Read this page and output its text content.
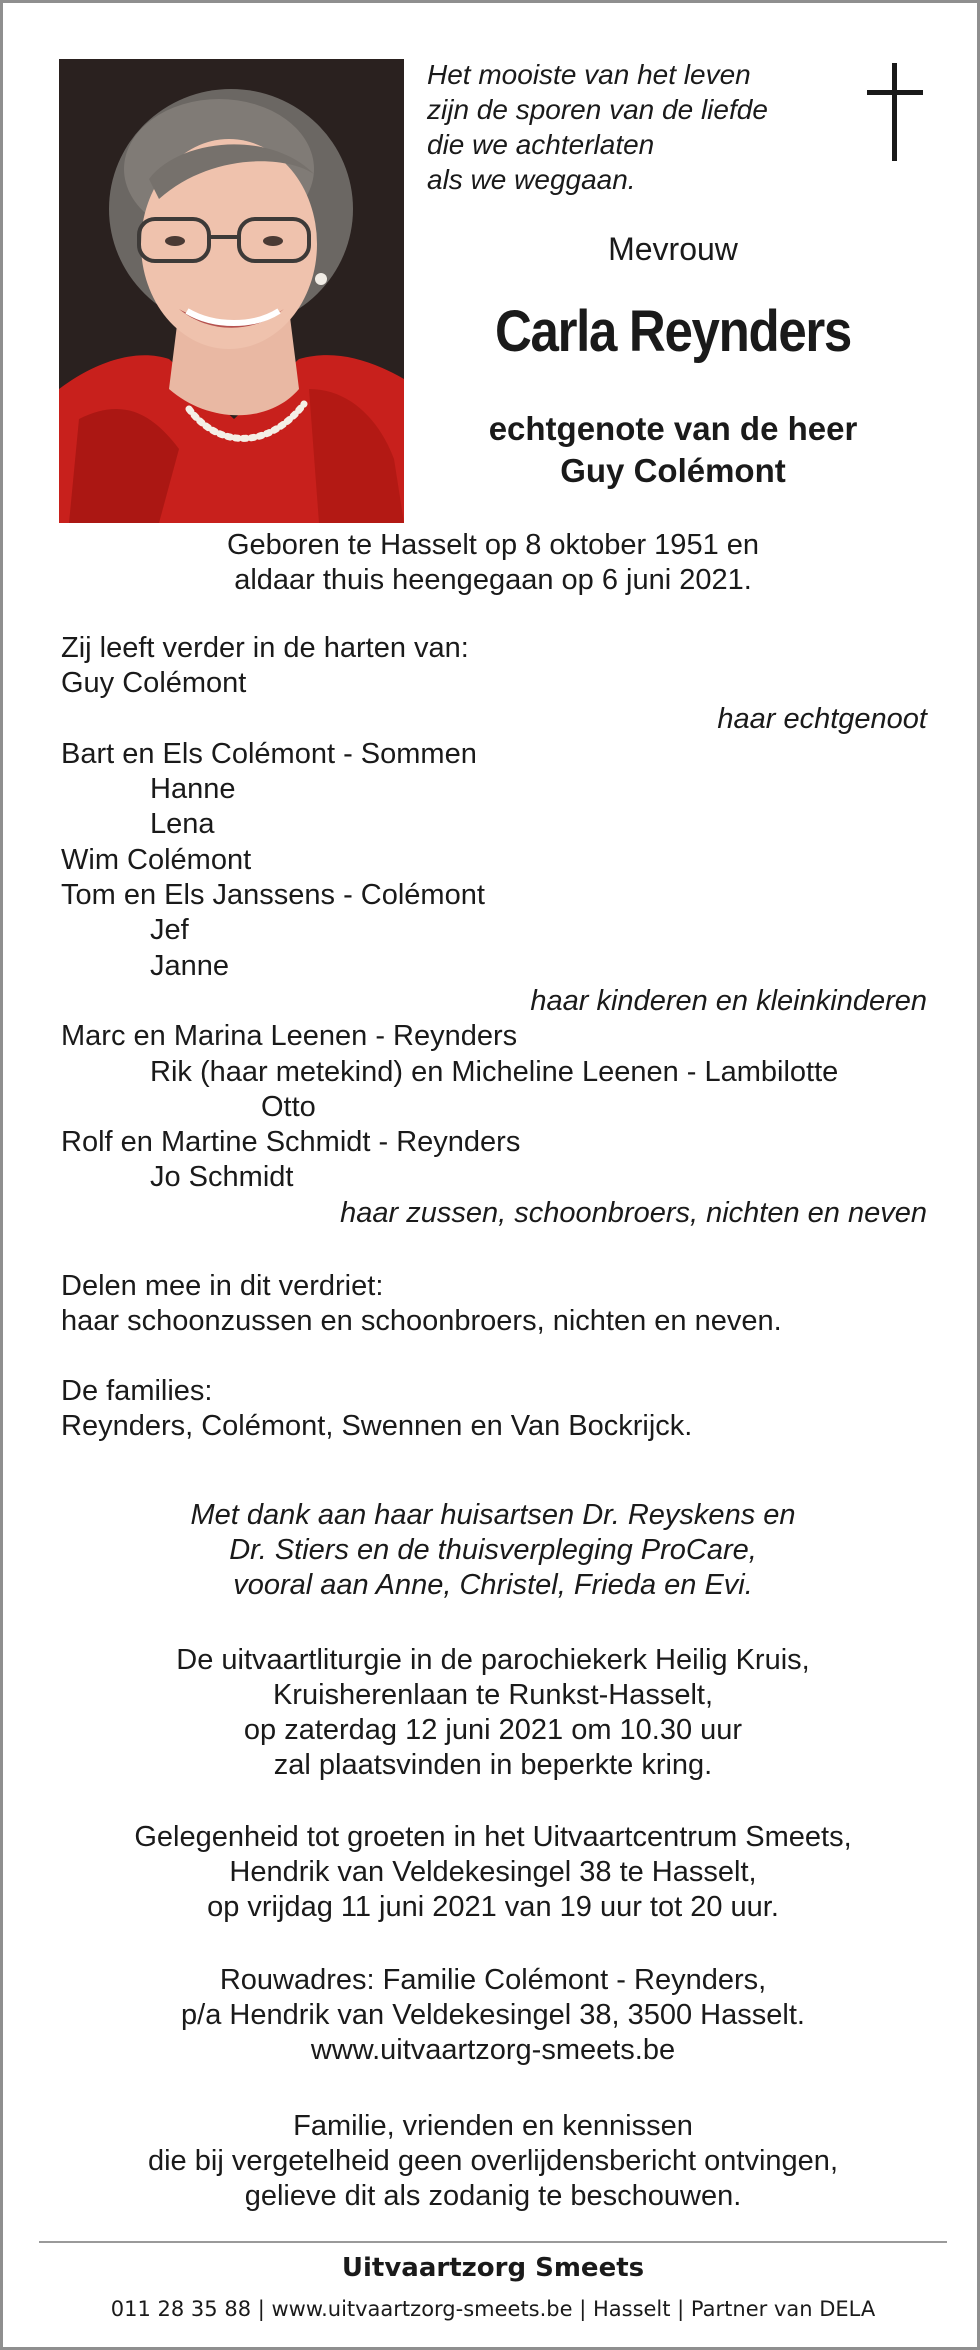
Het mooiste van het leven
zijn de sporen van de liefde
die we achterlaten
als we weggaan.
Mevrouw
Carla Reynders
echtgenote van de heer
Guy Colémont
Geboren te Hasselt op 8 oktober 1951 en
aldaar thuis heengegaan op 6 juni 2021.
Zij leeft verder in de harten van:
Guy Colémont
haar echtgenoot
Bart en Els Colémont - Sommen
Hanne
Lena
Wim Colémont
Tom en Els Janssens - Colémont
Jef
Janne
haar kinderen en kleinkinderen
Marc en Marina Leenen - Reynders
Rik (haar metekind) en Micheline Leenen - Lambilotte
Otto
Rolf en Martine Schmidt - Reynders
Jo Schmidt
haar zussen, schoonbroers, nichten en neven
Delen mee in dit verdriet:
haar schoonzussen en schoonbroers, nichten en neven.
De families:
Reynders, Colémont, Swennen en Van Bockrijck.
Met dank aan haar huisartsen Dr. Reyskens en
Dr. Stiers en de thuisverpleging ProCare,
vooral aan Anne, Christel, Frieda en Evi.
De uitvaartliturgie in de parochiekerk Heilig Kruis,
Kruisherenlaan te Runkst-Hasselt,
op zaterdag 12 juni 2021 om 10.30 uur
zal plaatsvinden in beperkte kring.
Gelegenheid tot groeten in het Uitvaartcentrum Smeets,
Hendrik van Veldekesingel 38 te Hasselt,
op vrijdag 11 juni 2021 van 19 uur tot 20 uur.
Rouwadres: Familie Colémont - Reynders,
p/a Hendrik van Veldekesingel 38, 3500 Hasselt.
www.uitvaartzorg-smeets.be
Familie, vrienden en kennissen
die bij vergetelheid geen overlijdensbericht ontvingen,
gelieve dit als zodanig te beschouwen.
Uitvaartzorg Smeets
011 28 35 88 | www.uitvaartzorg-smeets.be | Hasselt | Partner van DELA
